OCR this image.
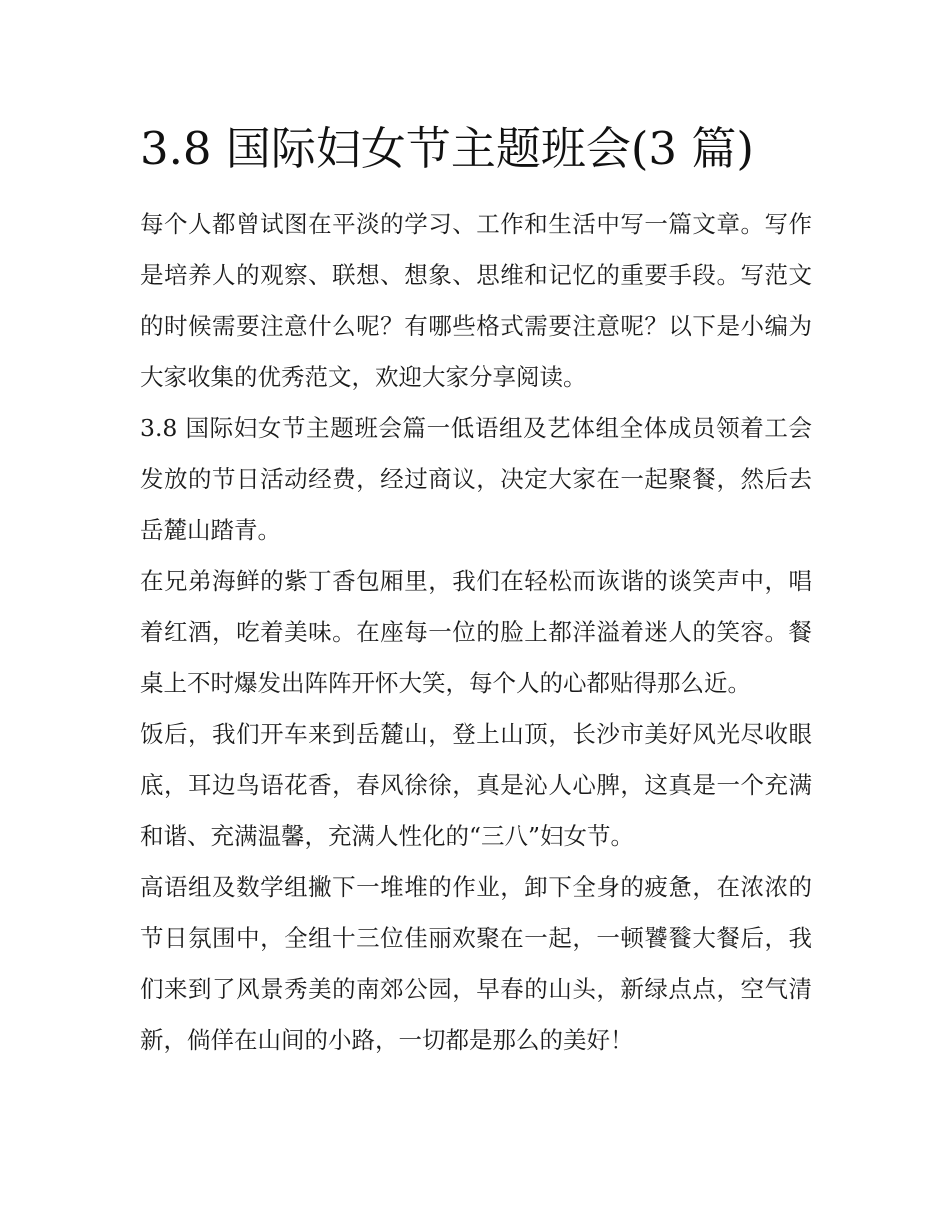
3.8 国际妇女节主题班会(3 篇)

每个人都曾试图在平淡的学习、工作和生活中写一篇文章。写作是培养人的观察、联想、想象、思维和记忆的重要手段。写范文的时候需要注意什么呢？有哪些格式需要注意呢？以下是小编为大家收集的优秀范文，欢迎大家分享阅读。

3.8 国际妇女节主题班会篇一低语组及艺体组全体成员领着工会发放的节日活动经费，经过商议，决定大家在一起聚餐，然后去岳麓山踏青。

在兄弟海鲜的紫丁香包厢里，我们在轻松而诙谐的谈笑声中，唱着红酒，吃着美味。在座每一位的脸上都洋溢着迷人的笑容。餐桌上不时爆发出阵阵开怀大笑，每个人的心都贴得那么近。

饭后，我们开车来到岳麓山，登上山顶，长沙市美好风光尽收眼底，耳边鸟语花香，春风徐徐，真是沁人心脾，这真是一个充满和谐、充满温馨，充满人性化的“三八”妇女节。

高语组及数学组撇下一堆堆的作业，卸下全身的疲惫，在浓浓的节日氛围中，全组十三位佳丽欢聚在一起，一顿饕餮大餐后，我们来到了风景秀美的南郊公园，早春的山头，新绿点点，空气清新，倘佯在山间的小路，一切都是那么的美好！
